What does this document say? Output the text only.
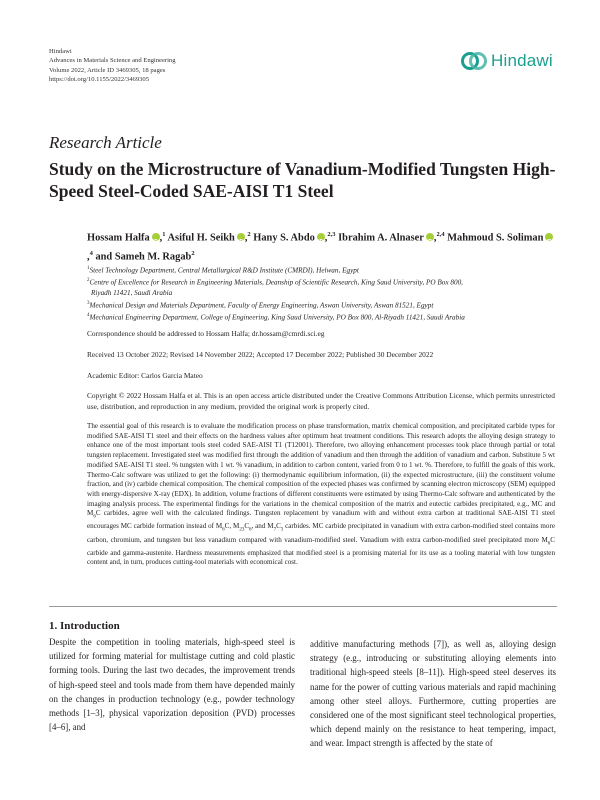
Hindawi
Advances in Materials Science and Engineering
Volume 2022, Article ID 3469305, 18 pages
https://doi.org/10.1155/2022/3469305
Hindawi
Research Article
Study on the Microstructure of Vanadium-Modified Tungsten High-Speed Steel-Coded SAE-AISI T1 Steel
Hossam Halfa iD ,$^1$ Asiful H. Seikh iD ,$^2$ Hany S. Abdo iD ,$^{2,3}$ Ibrahim A. Alnaser iD ,$^{2,4}$ Mahmoud S. SolimaniD,$^4$ and Sameh M. Ragab$^2$
$^1$Steel Technology Department, Central Metallurgical R&D Institute (CMRDI), Helwan, Egypt
$^2$Centre of Excellence for Research in Engineering Materials, Deanship of Scientific Research, King Saud University, PO Box 800,
Riyadh 11421, Saudi Arabia
$^3$Mechanical Design and Materials Department, Faculty of Energy Engineering, Aswan University, Aswan 81521, Egypt
$^4$Mechanical Engineering Department, College of Engineering, King Saud University, PO Box 800, Al-Riyadh 11421, Saudi Arabia
Correspondence should be addressed to Hossam Halfa; dr.hossam@cmrdi.sci.eg
Received 13 October 2022; Revised 14 November 2022; Accepted 17 December 2022; Published 30 December 2022
Academic Editor: Carlos Garcia Mateo
Copyright © 2022 Hossam Halfa et al. This is an open access article distributed under the Creative Commons Attribution License, which permits unrestricted use, distribution, and reproduction in any medium, provided the original work is properly cited.
The essential goal of this research is to evaluate the modification process on phase transformation, matrix chemical composition, and precipitated carbide types for modified SAE-AISI T1 steel and their effects on the hardness values after optimum heat treatment conditions. This research adopts the alloying design strategy to enhance one of the most important tools steel coded SAE-AISI T1 (T12001). Therefore, two alloying enhancement processes took place through partial or total tungsten replacement. Investigated steel was modified first through the addition of vanadium and then through the addition of vanadium and carbon. Substitute 5 wt modified SAE-AISI T1 steel. % tungsten with 1 wt. % vanadium, in addition to carbon content, varied from 0 to 1 wt. %. Therefore, to fulfill the goals of this work, Thermo-Calc software was utilized to get the following: (i) thermodynamic equilibrium information, (ii) the expected microstructure, (iii) the constituent volume fraction, and (iv) carbide chemical composition. The chemical composition of the expected phases was confirmed by scanning electron microscopy (SEM) equipped with energy-dispersive X-ray (EDX). In addition, volume fractions of different constituents were estimated by using Thermo-Calc software and authenticated by the imaging analysis process. The experimental findings for the variations in the chemical composition of the matrix and eutectic carbides precipitated, e.g., MC and $M_6C$ carbides, agree well with the calculated findings. Tungsten replacement by vanadium with and without extra carbon at traditional SAE-AISI T1 steel encourages MC carbide formation instead of $M_6C$, $M_{23}C_6$, and $M_7C_3$ carbides. MC carbide precipitated in vanadium with extra carbon-modified steel contains more carbon, chromium, and tungsten but less vanadium compared with vanadium-modified steel. Vanadium with extra carbon-modified steel precipitated more $M_6C$ carbide and gamma-austenite. Hardness measurements emphasized that modified steel is a promising material for its use as a tooling material with low tungsten content and, in turn, produces cutting-tool materials with economical cost.
1. Introduction
Despite the competition in tooling materials, high-speed steel is utilized for forming material for multistage cutting and cold plastic forming tools. During the last two decades, the improvement trends of high-speed steel and tools made from them have depended mainly on the changes in production technology (e.g., powder technology methods [1–3], physical vaporization deposition (PVD) processes [4–6], and
additive manufacturing methods [7]), as well as, alloying design strategy (e.g., introducing or substituting alloying elements into traditional high-speed steels [8–11]). High-speed steel deserves its name for the power of cutting various materials and rapid machining among other steel alloys. Furthermore, cutting properties are considered one of the most significant steel technological properties, which depend mainly on the resistance to heat tempering, impact, and wear. Impact strength is affected by the state of
